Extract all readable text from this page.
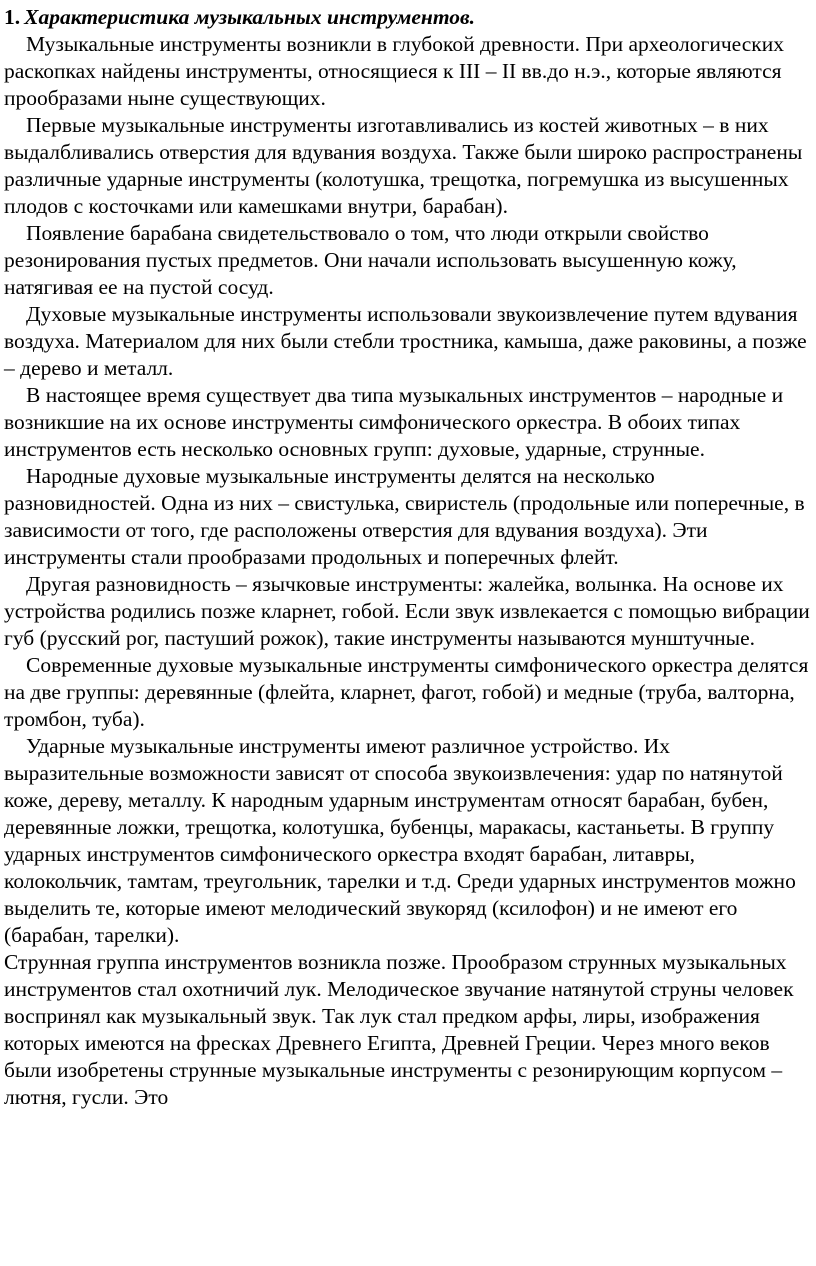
1. Характеристика музыкальных инструментов.

Музыкальные инструменты возникли в глубокой древности. При археологических раскопках найдены инструменты, относящиеся к III – II вв.до н.э., которые являются прообразами ныне существующих.

Первые музыкальные инструменты изготавливались из костей животных – в них выдалбливались отверстия для вдувания воздуха. Также были широко распространены различные ударные инструменты (колотушка, трещотка, погремушка из высушенных плодов с косточками или камешками внутри, барабан).

Появление барабана свидетельствовало о том, что люди открыли свойство резонирования пустых предметов. Они начали использовать высушенную кожу, натягивая ее на пустой сосуд.

Духовые музыкальные инструменты использовали звукоизвлечение путем вдувания воздуха. Материалом для них были стебли тростника, камыша, даже раковины, а позже – дерево и металл.

В настоящее время существует два типа музыкальных инструментов – народные и возникшие на их основе инструменты симфонического оркестра. В обоих типах инструментов есть несколько основных групп: духовые, ударные, струнные.

Народные духовые музыкальные инструменты делятся на несколько разновидностей. Одна из них – свистулька, свиристель (продольные или поперечные, в зависимости от того, где расположены отверстия для вдувания воздуха). Эти инструменты стали прообразами продольных и поперечных флейт.

Другая разновидность – язычковые инструменты: жалейка, волынка. На основе их устройства родились позже кларнет, гобой. Если звук извлекается с помощью вибрации губ (русский рог, пастуший рожок), такие инструменты называются мунштучные.

Современные духовые музыкальные инструменты симфонического оркестра делятся на две группы: деревянные (флейта, кларнет, фагот, гобой) и медные (труба, валторна, тромбон, туба).

Ударные музыкальные инструменты имеют различное устройство. Их выразительные возможности зависят от способа звукоизвлечения: удар по натянутой коже, дереву, металлу. К народным ударным инструментам относят барабан, бубен, деревянные ложки, трещотка, колотушка, бубенцы, маракасы, кастаньеты. В группу ударных инструментов симфонического оркестра входят барабан, литавры, колокольчик, тамтам, треугольник, тарелки и т.д. Среди ударных инструментов можно выделить те, которые имеют мелодический звукоряд (ксилофон) и не имеют его (барабан, тарелки).

Струнная группа инструментов возникла позже. Прообразом струнных музыкальных инструментов стал охотничий лук. Мелодическое звучание натянутой струны человек воспринял как музыкальный звук. Так лук стал предком арфы, лиры, изображения которых имеются на фресках Древнего Египта, Древней Греции. Через много веков были изобретены струнные музыкальные инструменты с резонирующим корпусом – лютня, гусли. Это
